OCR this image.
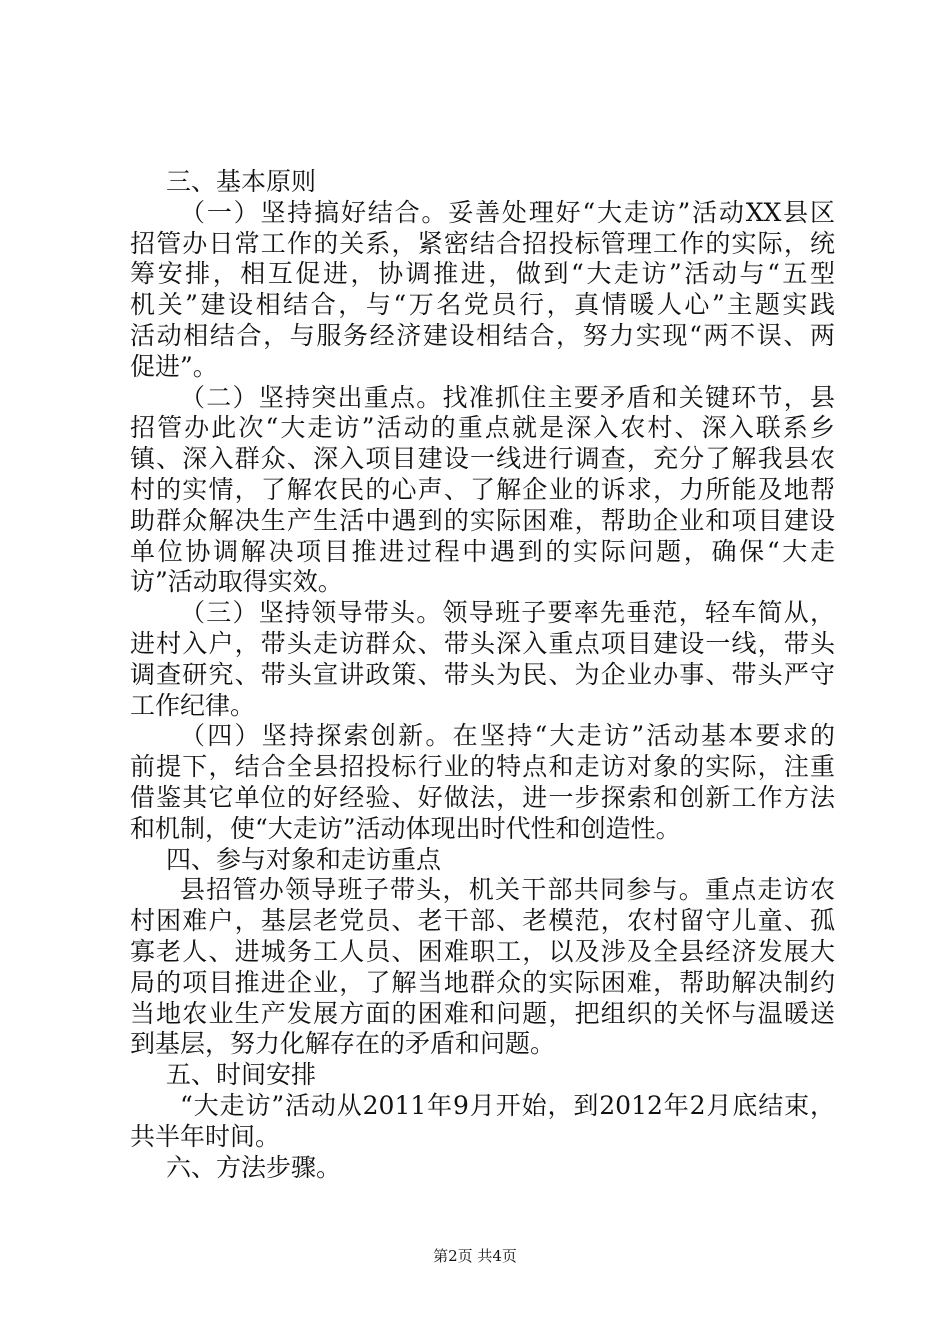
三、基本原则
（一）坚持搞好结合。妥善处理好“大走访”活动XX县区
招管办日常工作的关系，紧密结合招投标管理工作的实际，统
筹安排，相互促进，协调推进，做到“大走访”活动与“五型
机关”建设相结合，与“万名党员行，真情暖人心”主题实践
活动相结合，与服务经济建设相结合，努力实现“两不误、两
促进”。
（二）坚持突出重点。找准抓住主要矛盾和关键环节，县
招管办此次“大走访”活动的重点就是深入农村、深入联系乡
镇、深入群众、深入项目建设一线进行调查，充分了解我县农
村的实情，了解农民的心声、了解企业的诉求，力所能及地帮
助群众解决生产生活中遇到的实际困难，帮助企业和项目建设
单位协调解决项目推进过程中遇到的实际问题，确保“大走
访”活动取得实效。
（三）坚持领导带头。领导班子要率先垂范，轻车简从，
进村入户，带头走访群众、带头深入重点项目建设一线，带头
调查研究、带头宣讲政策、带头为民、为企业办事、带头严守
工作纪律。
（四）坚持探索创新。在坚持“大走访”活动基本要求的
前提下，结合全县招投标行业的特点和走访对象的实际，注重
借鉴其它单位的好经验、好做法，进一步探索和创新工作方法
和机制，使“大走访”活动体现出时代性和创造性。
四、参与对象和走访重点
县招管办领导班子带头，机关干部共同参与。重点走访农
村困难户，基层老党员、老干部、老模范，农村留守儿童、孤
寡老人、进城务工人员、困难职工，以及涉及全县经济发展大
局的项目推进企业，了解当地群众的实际困难，帮助解决制约
当地农业生产发展方面的困难和问题，把组织的关怀与温暖送
到基层，努力化解存在的矛盾和问题。
五、时间安排
“大走访”活动从2011年9月开始，到2012年2月底结束，
共半年时间。
六、方法步骤。
第2页 共4页
